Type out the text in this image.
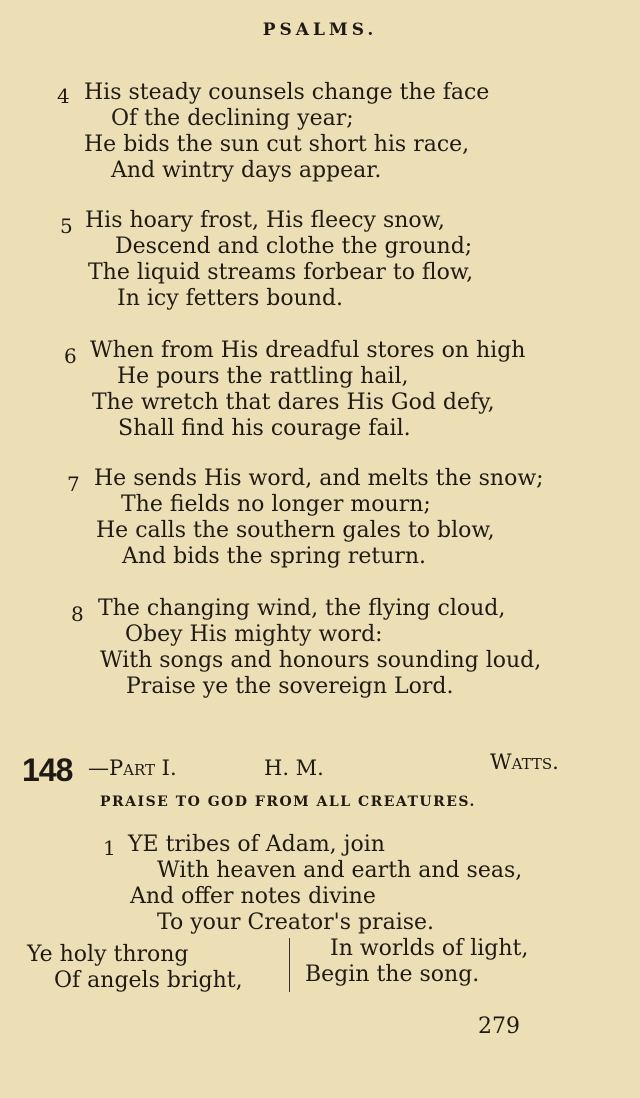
PSALMS.
4 His steady counsels change the face
Of the declining year;
He bids the sun cut short his race,
And wintry days appear.
5 His hoary frost, His fleecy snow,
Descend and clothe the ground;
The liquid streams forbear to flow,
In icy fetters bound.
6 When from His dreadful stores on high
He pours the rattling hail,
The wretch that dares His God defy,
Shall find his courage fail.
7 He sends His word, and melts the snow;
The fields no longer mourn;
He calls the southern gales to blow,
And bids the spring return.
8 The changing wind, the flying cloud,
Obey His mighty word:
With songs and honours sounding loud,
Praise ye the sovereign Lord.
148 —Part I.	H. M.	Watts.
PRAISE TO GOD FROM ALL CREATURES.
1 YE tribes of Adam, join
With heaven and earth and seas,
And offer notes divine
To your Creator's praise.
Ye holy throng
Of angels bright,
In worlds of light,
Begin the song.
279
